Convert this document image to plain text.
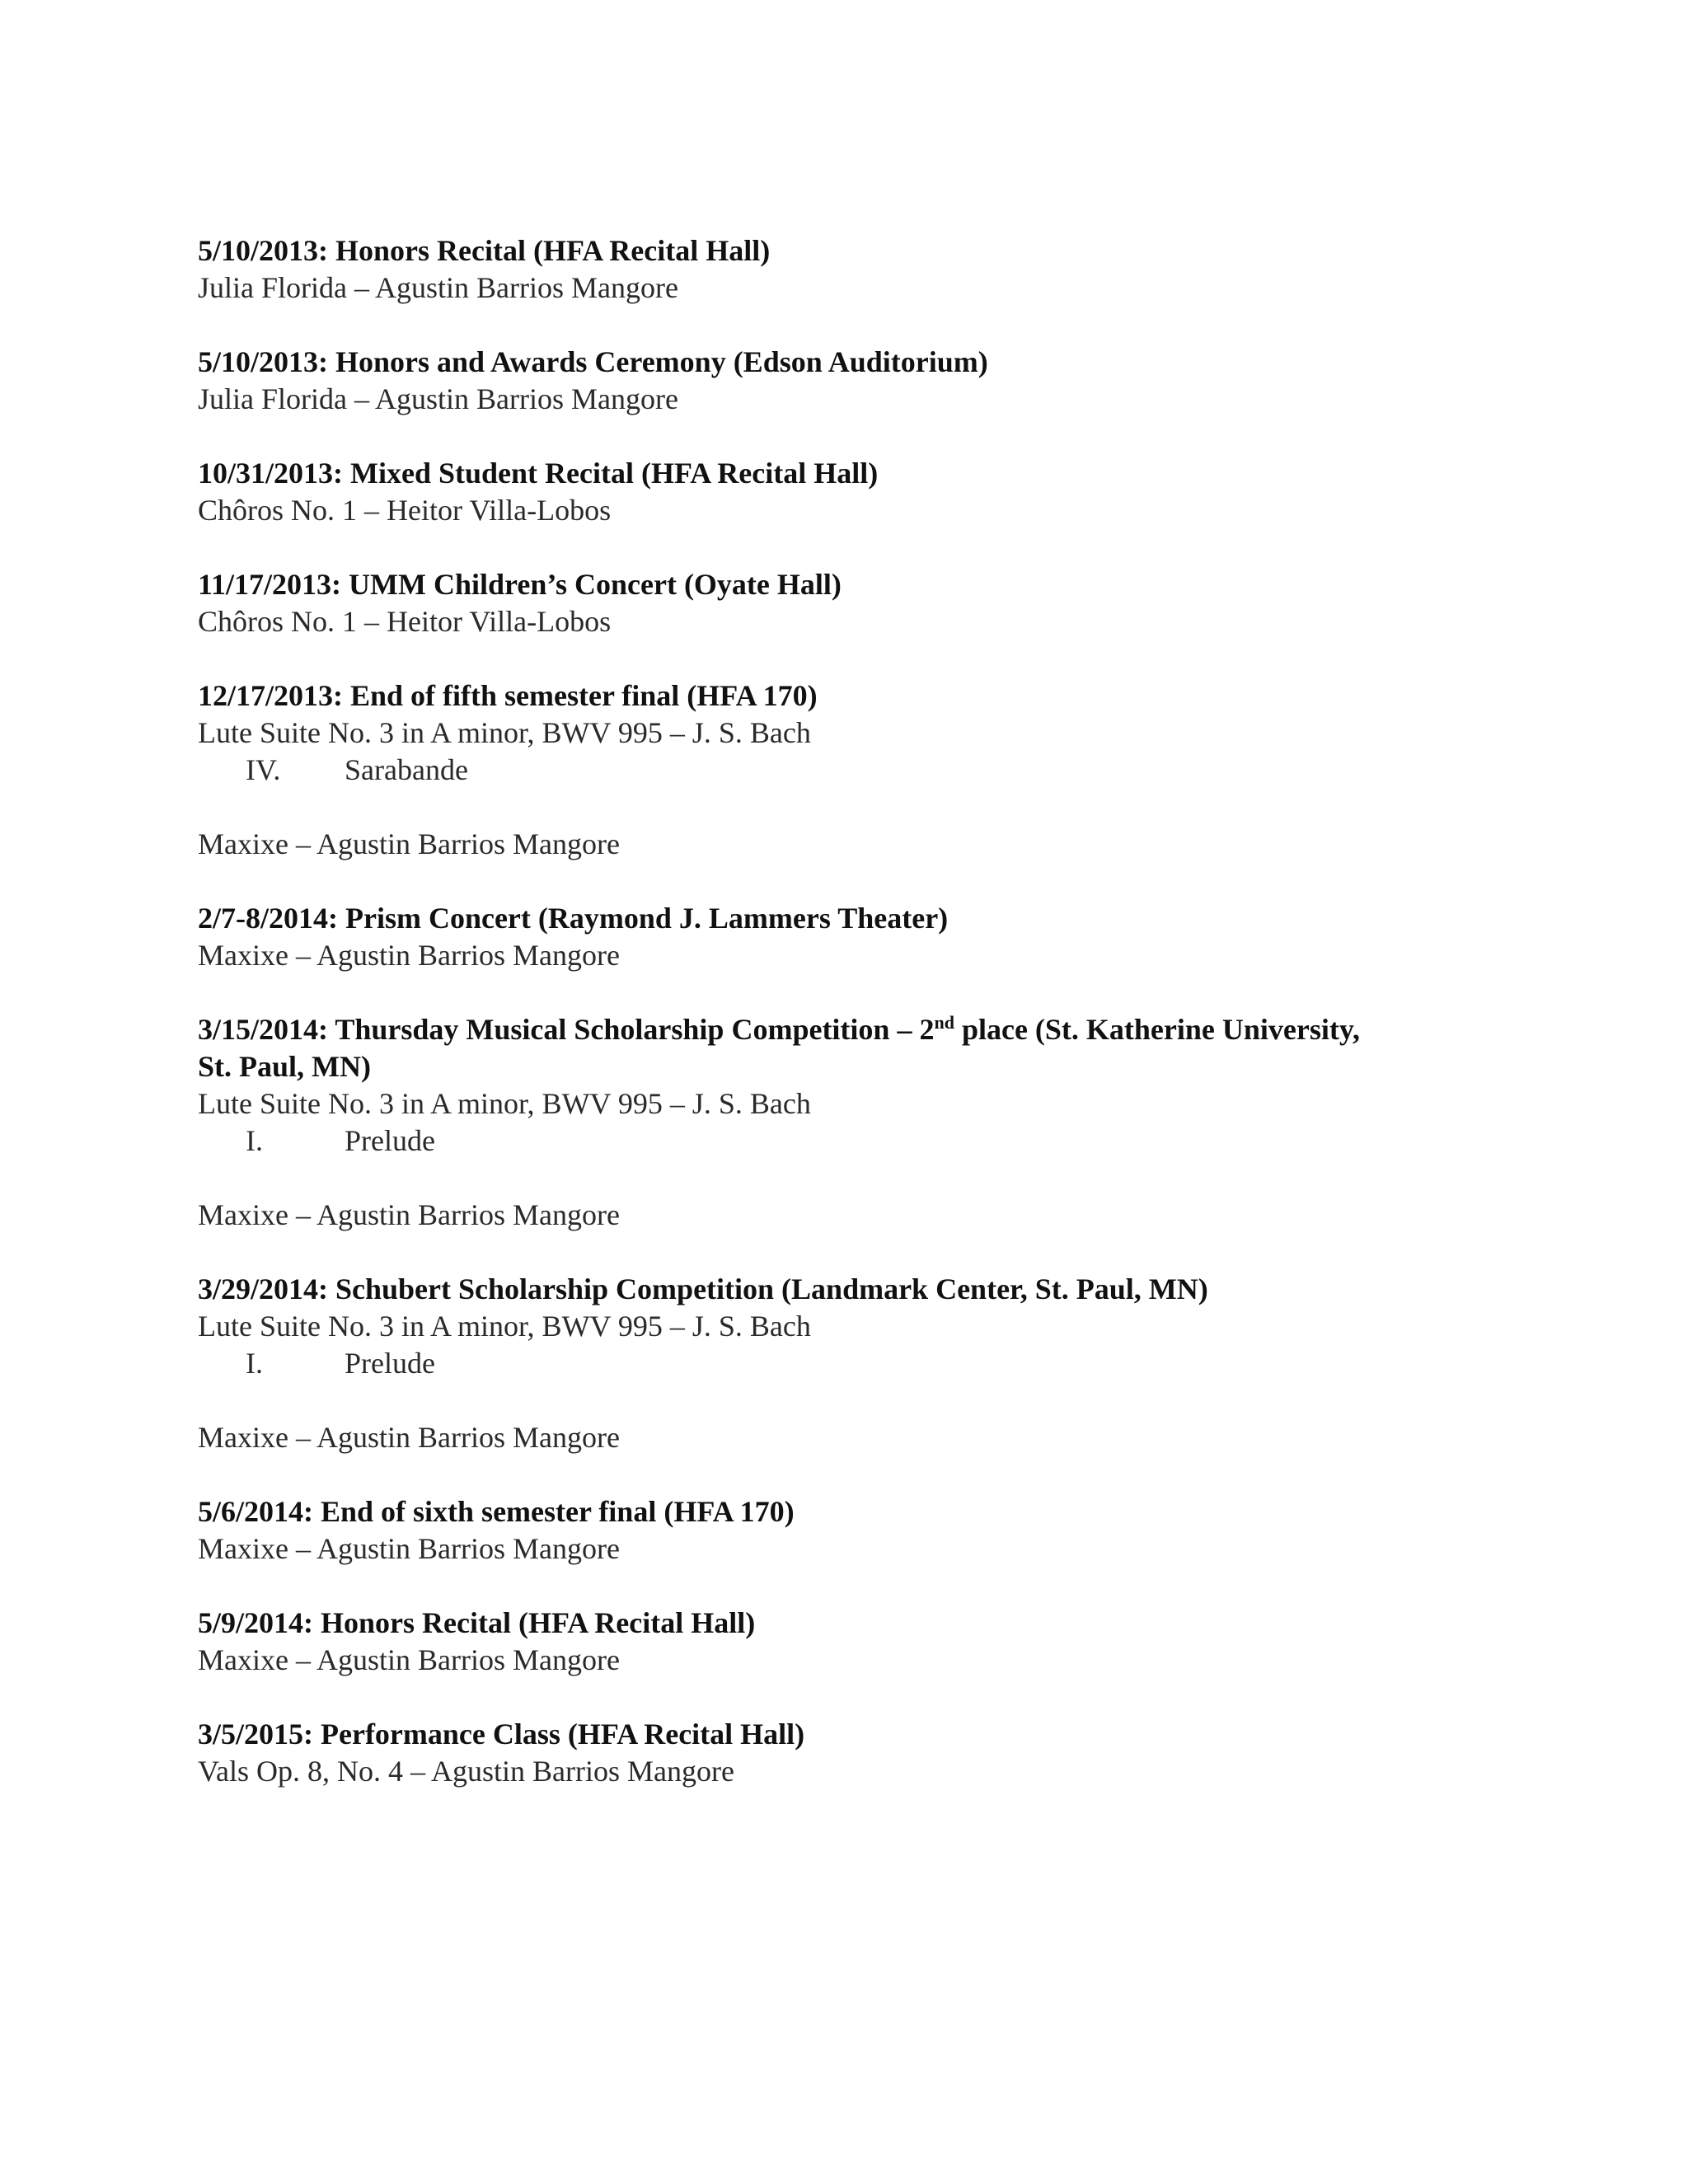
5/10/2013: Honors Recital (HFA Recital Hall)
Julia Florida – Agustin Barrios Mangore
5/10/2013: Honors and Awards Ceremony (Edson Auditorium)
Julia Florida – Agustin Barrios Mangore
10/31/2013: Mixed Student Recital (HFA Recital Hall)
Chôros No. 1 – Heitor Villa-Lobos
11/17/2013: UMM Children’s Concert (Oyate Hall)
Chôros No. 1 – Heitor Villa-Lobos
12/17/2013: End of fifth semester final (HFA 170)
Lute Suite No. 3 in A minor, BWV 995 – J. S. Bach
IV.	Sarabande
Maxixe – Agustin Barrios Mangore
2/7-8/2014: Prism Concert (Raymond J. Lammers Theater)
Maxixe – Agustin Barrios Mangore
3/15/2014: Thursday Musical Scholarship Competition – 2nd place (St. Katherine University,
St. Paul, MN)
Lute Suite No. 3 in A minor, BWV 995 – J. S. Bach
I.	Prelude
Maxixe – Agustin Barrios Mangore
3/29/2014: Schubert Scholarship Competition (Landmark Center, St. Paul, MN)
Lute Suite No. 3 in A minor, BWV 995 – J. S. Bach
I.	Prelude
Maxixe – Agustin Barrios Mangore
5/6/2014: End of sixth semester final (HFA 170)
Maxixe – Agustin Barrios Mangore
5/9/2014: Honors Recital (HFA Recital Hall)
Maxixe – Agustin Barrios Mangore
3/5/2015: Performance Class (HFA Recital Hall)
Vals Op. 8, No. 4 – Agustin Barrios Mangore
